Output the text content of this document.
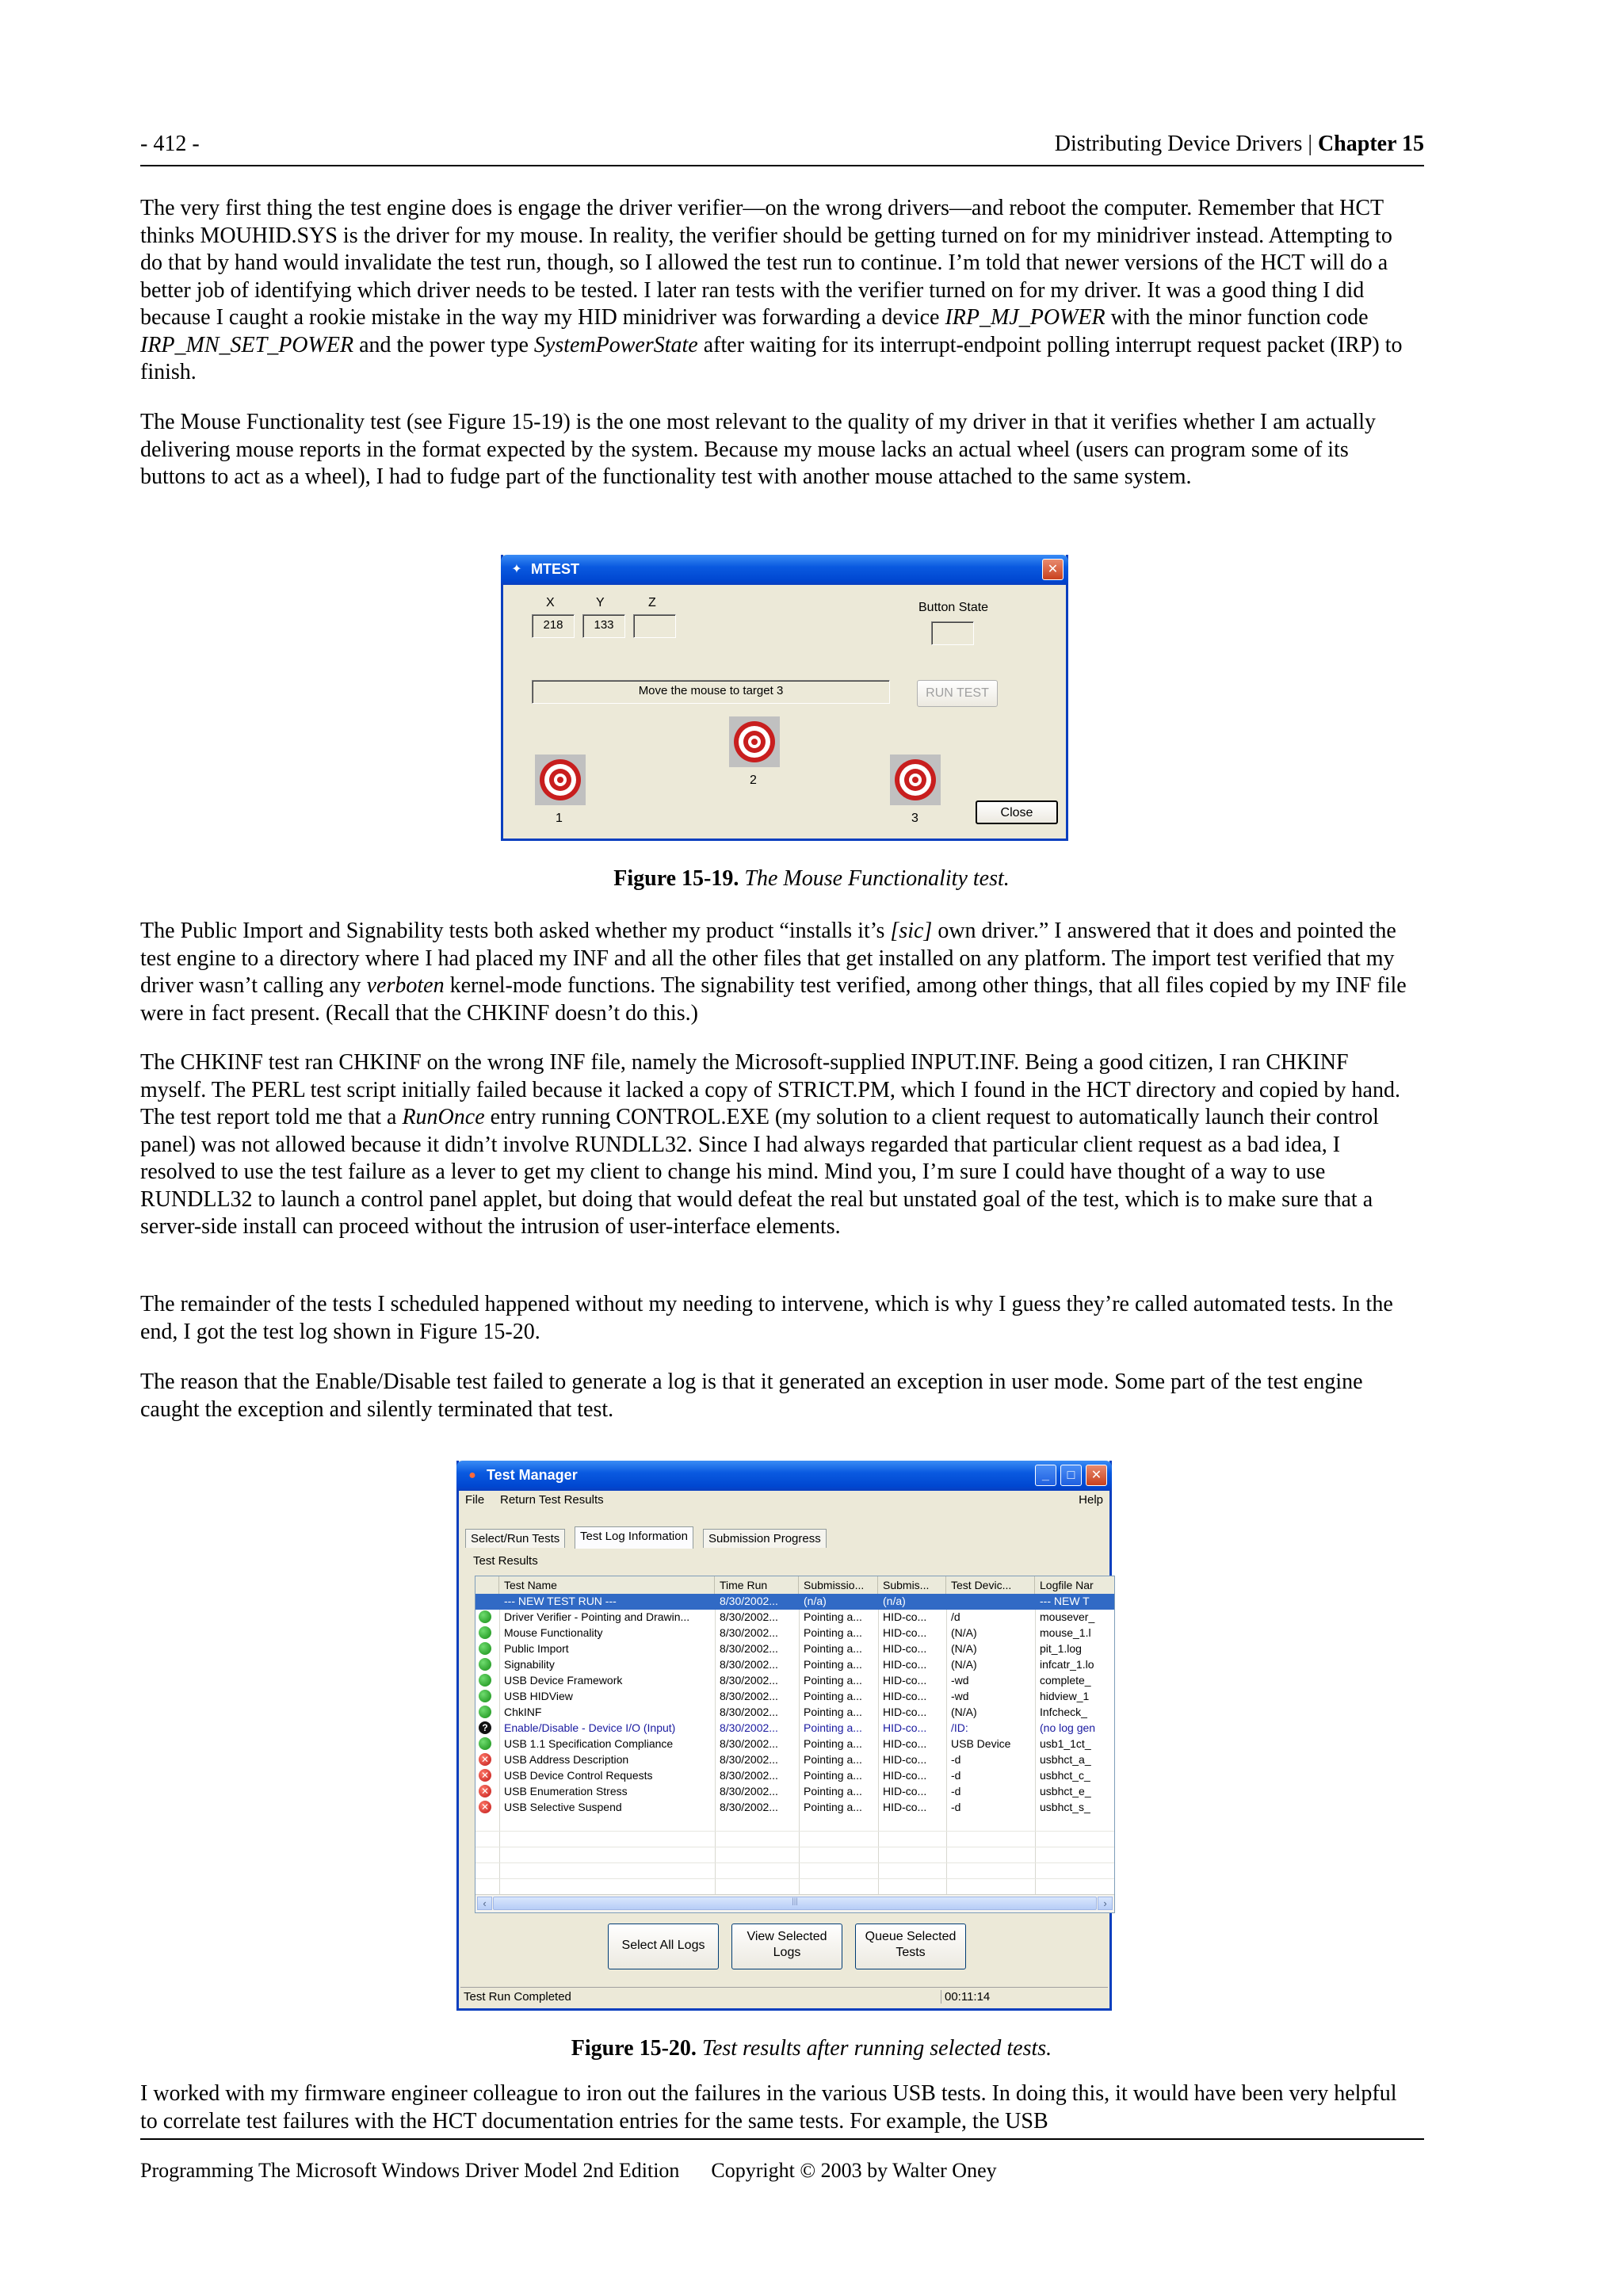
- 412 -	Distributing Device Drivers | Chapter 15
The very first thing the test engine does is engage the driver verifier—on the wrong drivers—and reboot the computer. Remember that HCT thinks MOUHID.SYS is the driver for my mouse. In reality, the verifier should be getting turned on for my minidriver instead. Attempting to do that by hand would invalidate the test run, though, so I allowed the test run to continue. I’m told that newer versions of the HCT will do a better job of identifying which driver needs to be tested. I later ran tests with the verifier turned on for my driver. It was a good thing I did because I caught a rookie mistake in the way my HID minidriver was forwarding a device IRP_MJ_POWER with the minor function code IRP_MN_SET_POWER and the power type SystemPowerState after waiting for its interrupt-endpoint polling interrupt request packet (IRP) to finish.
The Mouse Functionality test (see Figure 15-19) is the one most relevant to the quality of my driver in that it verifies whether I am actually delivering mouse reports in the format expected by the system. Because my mouse lacks an actual wheel (users can program some of its buttons to act as a wheel), I had to fudge part of the functionality test with another mouse attached to the same system.
✦ MTEST	✕
X	Y	Z
218	133
Button State
Move the mouse to target 3	RUN TEST
1
2
3	Close
Figure 15-19. The Mouse Functionality test.
The Public Import and Signability tests both asked whether my product “installs it’s [sic] own driver.” I answered that it does and pointed the test engine to a directory where I had placed my INF and all the other files that get installed on any platform. The import test verified that my driver wasn’t calling any verboten kernel-mode functions. The signability test verified, among other things, that all files copied by my INF file were in fact present. (Recall that the CHKINF doesn’t do this.)
The CHKINF test ran CHKINF on the wrong INF file, namely the Microsoft-supplied INPUT.INF. Being a good citizen, I ran CHKINF myself. The PERL test script initially failed because it lacked a copy of STRICT.PM, which I found in the HCT directory and copied by hand. The test report told me that a RunOnce entry running CONTROL.EXE (my solution to a client request to automatically launch their control panel) was not allowed because it didn’t involve RUNDLL32. Since I had always regarded that particular client request as a bad idea, I resolved to use the test failure as a lever to get my client to change his mind. Mind you, I’m sure I could have thought of a way to use RUNDLL32 to launch a control panel applet, but doing that would defeat the real but unstated goal of the test, which is to make sure that a server-side install can proceed without the intrusion of user-interface elements.
The remainder of the tests I scheduled happened without my needing to intervene, which is why I guess they’re called automated tests. In the end, I got the test log shown in Figure 15-20.
The reason that the Enable/Disable test failed to generate a log is that it generated an exception in user mode. Some part of the test engine caught the exception and silently terminated that test.
● Test Manager	_	□	✕
File Return Test Results	Help
Select/Run Tests	Test Log Information	Submission Progress
Test Results
Test Name	Time Run	Submissio...	Submis...	Test Devic...	Logfile Nar
--- NEW TEST RUN ---	8/30/2002...	(n/a)	(n/a)	--- NEW T
Driver Verifier - Pointing and Drawin...	8/30/2002...	Pointing a...	HID-co...	/d	mousever_
Mouse Functionality	8/30/2002...	Pointing a...	HID-co...	(N/A)	mouse_1.l
Public Import	8/30/2002...	Pointing a...	HID-co...	(N/A)	pit_1.log
Signability	8/30/2002...	Pointing a...	HID-co...	(N/A)	infcatr_1.lo
USB Device Framework	8/30/2002...	Pointing a...	HID-co...	-wd	complete_
USB HIDView	8/30/2002...	Pointing a...	HID-co...	-wd	hidview_1
ChkINF	8/30/2002...	Pointing a...	HID-co...	(N/A)	Infcheck_
?	Enable/Disable - Device I/O (Input)	8/30/2002...	Pointing a...	HID-co...	/ID:	(no log gen
USB 1.1 Specification Compliance	8/30/2002...	Pointing a...	HID-co...	USB Device	usb1_1ct_
✕	USB Address Description	8/30/2002...	Pointing a...	HID-co...	-d	usbhct_a_
✕	USB Device Control Requests	8/30/2002...	Pointing a...	HID-co...	-d	usbhct_c_
✕	USB Enumeration Stress	8/30/2002...	Pointing a...	HID-co...	-d	usbhct_e_
✕	USB Selective Suspend	8/30/2002...	Pointing a...	HID-co...	-d	usbhct_s_
‹	|||	›
Select All Logs
View Selected
Logs
Queue Selected
Tests
Test Run Completed	00:11:14
Figure 15-20. Test results after running selected tests.
I worked with my firmware engineer colleague to iron out the failures in the various USB tests. In doing this, it would have been very helpful to correlate test failures with the HCT documentation entries for the same tests. For example, the USB
Programming The Microsoft Windows Driver Model 2nd Edition Copyright © 2003 by Walter Oney
